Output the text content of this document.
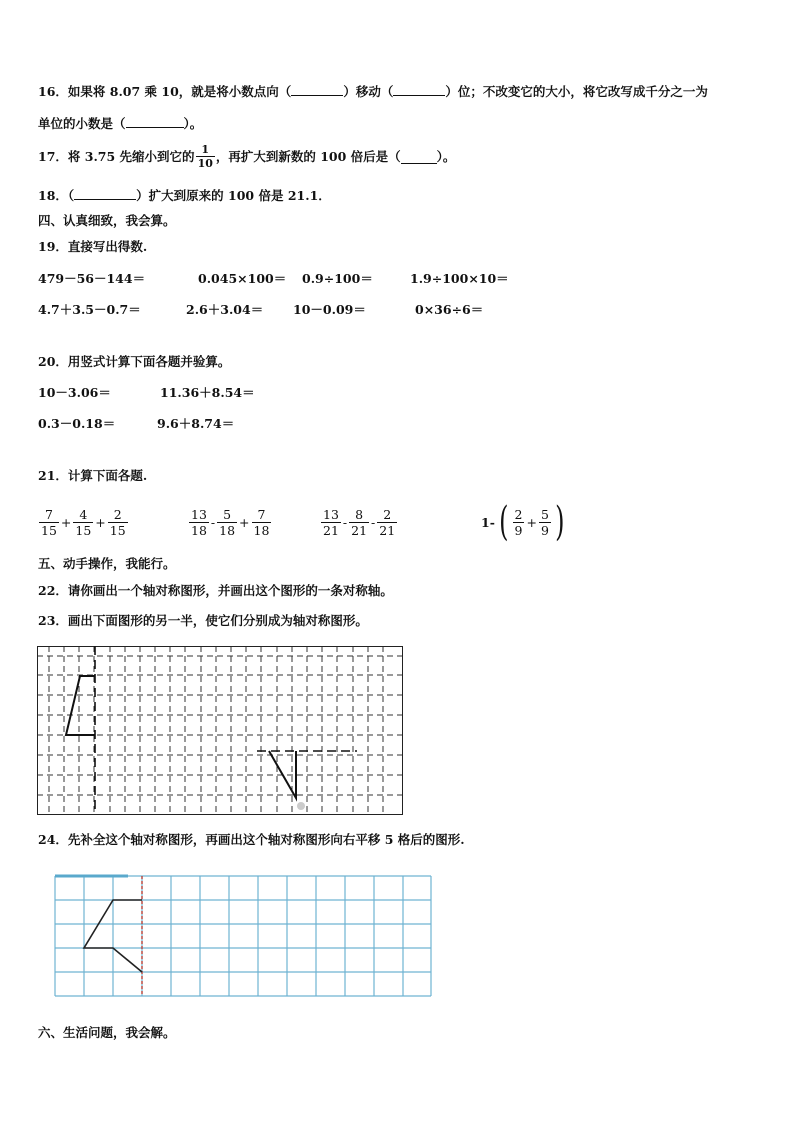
16．如果将 8.07 乘 10，就是将小数点向（	）移动（	）位；不改变它的大小，将它改写成千分之一为
单位的小数是（	）。
17． 将 3.75 先缩小到它的 $\frac{1}{10}$ ，再扩大到新数的 100 倍后是（	）。
18．（	）扩大到原来的 100 倍是 21.1．
四、认真细致，我会算。
19．直接写出得数.
479－56－144＝	0.045×100＝ 0.9÷100＝	1.9÷100×10＝
4.7＋3.5－0.7＝	2.6＋3.04＝ 10－0.09＝	0×36÷6＝
20．用竖式计算下面各题并验算。
10－3.06＝	11.36＋8.54＝
0.3－0.18＝	9.6＋8.74＝
21．计算下面各题.
$\frac{7}{15} + \frac{4}{15} + \frac{2}{15}$	$\frac{13}{18} - \frac{5}{18} + \frac{7}{18}$	$\frac{13}{21} - \frac{8}{21} - \frac{2}{21}$	1- ( $\frac{2}{9} + \frac{5}{9}$ )
五、动手操作，我能行。
22．请你画出一个轴对称图形，并画出这个图形的一条对称轴。
23．画出下面图形的另一半，使它们分别成为轴对称图形。
24．先补全这个轴对称图形，再画出这个轴对称图形向右平移 5 格后的图形.
六、生活问题，我会解。
